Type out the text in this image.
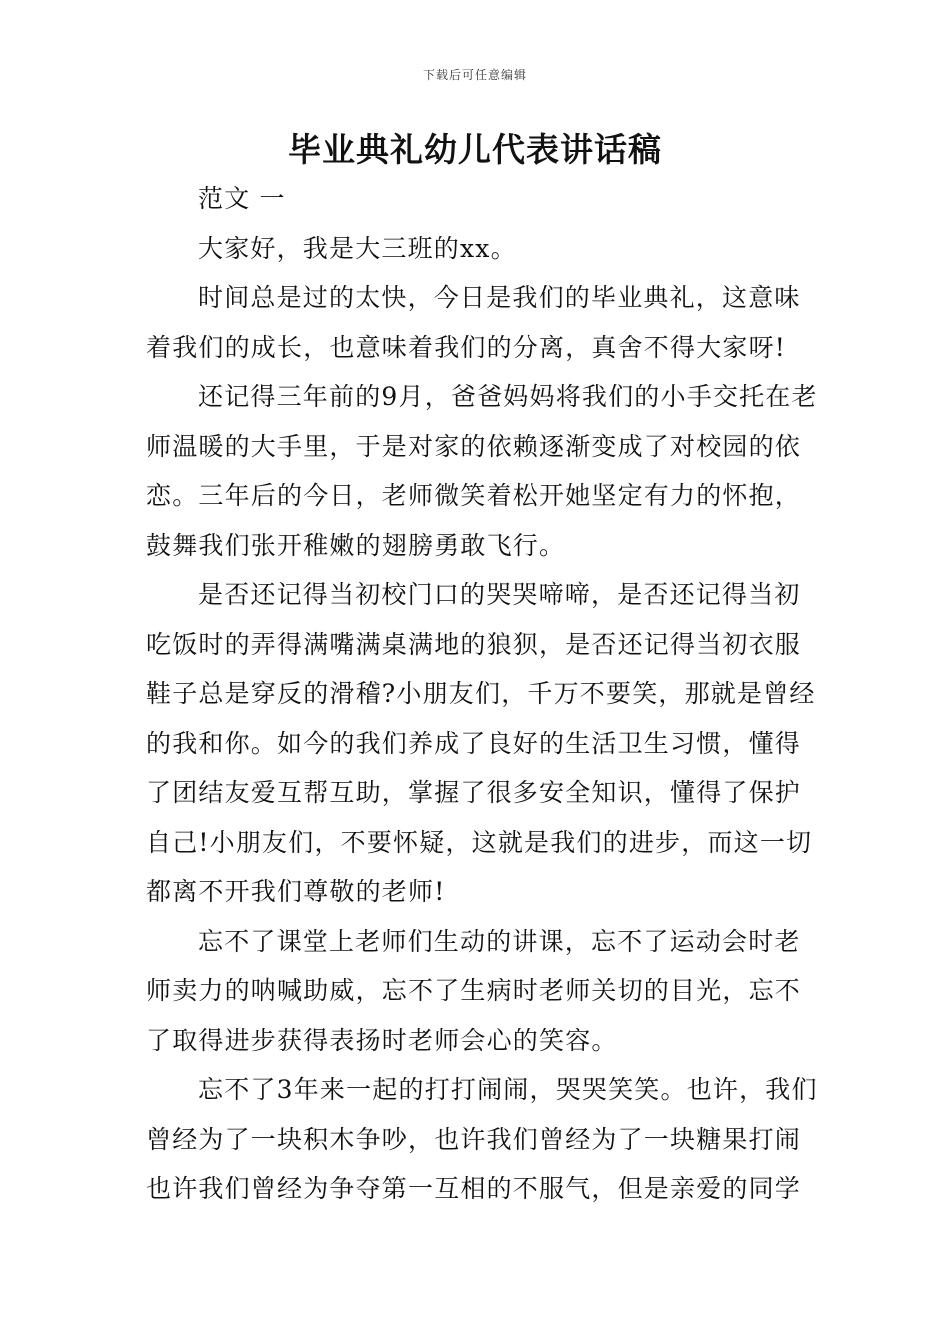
下载后可任意编辑
毕业典礼幼儿代表讲话稿

范文 一

大家好，我是大三班的xx。

时间总是过的太快，今日是我们的毕业典礼，这意味
着我们的成长，也意味着我们的分离，真舍不得大家呀!

还记得三年前的9月，爸爸妈妈将我们的小手交托在老
师温暖的大手里，于是对家的依赖逐渐变成了对校园的依
恋。三年后的今日，老师微笑着松开她坚定有力的怀抱，
鼓舞我们张开稚嫩的翅膀勇敢飞行。

是否还记得当初校门口的哭哭啼啼，是否还记得当初
吃饭时的弄得满嘴满桌满地的狼狈，是否还记得当初衣服
鞋子总是穿反的滑稽?小朋友们，千万不要笑，那就是曾经
的我和你。如今的我们养成了良好的生活卫生习惯，懂得
了团结友爱互帮互助，掌握了很多安全知识，懂得了保护
自己!小朋友们，不要怀疑，这就是我们的进步，而这一切
都离不开我们尊敬的老师!

忘不了课堂上老师们生动的讲课，忘不了运动会时老
师卖力的呐喊助威，忘不了生病时老师关切的目光，忘不
了取得进步获得表扬时老师会心的笑容。

忘不了3年来一起的打打闹闹，哭哭笑笑。也许，我们
曾经为了一块积木争吵，也许我们曾经为了一块糖果打闹
也许我们曾经为争夺第一互相的不服气，但是亲爱的同学
